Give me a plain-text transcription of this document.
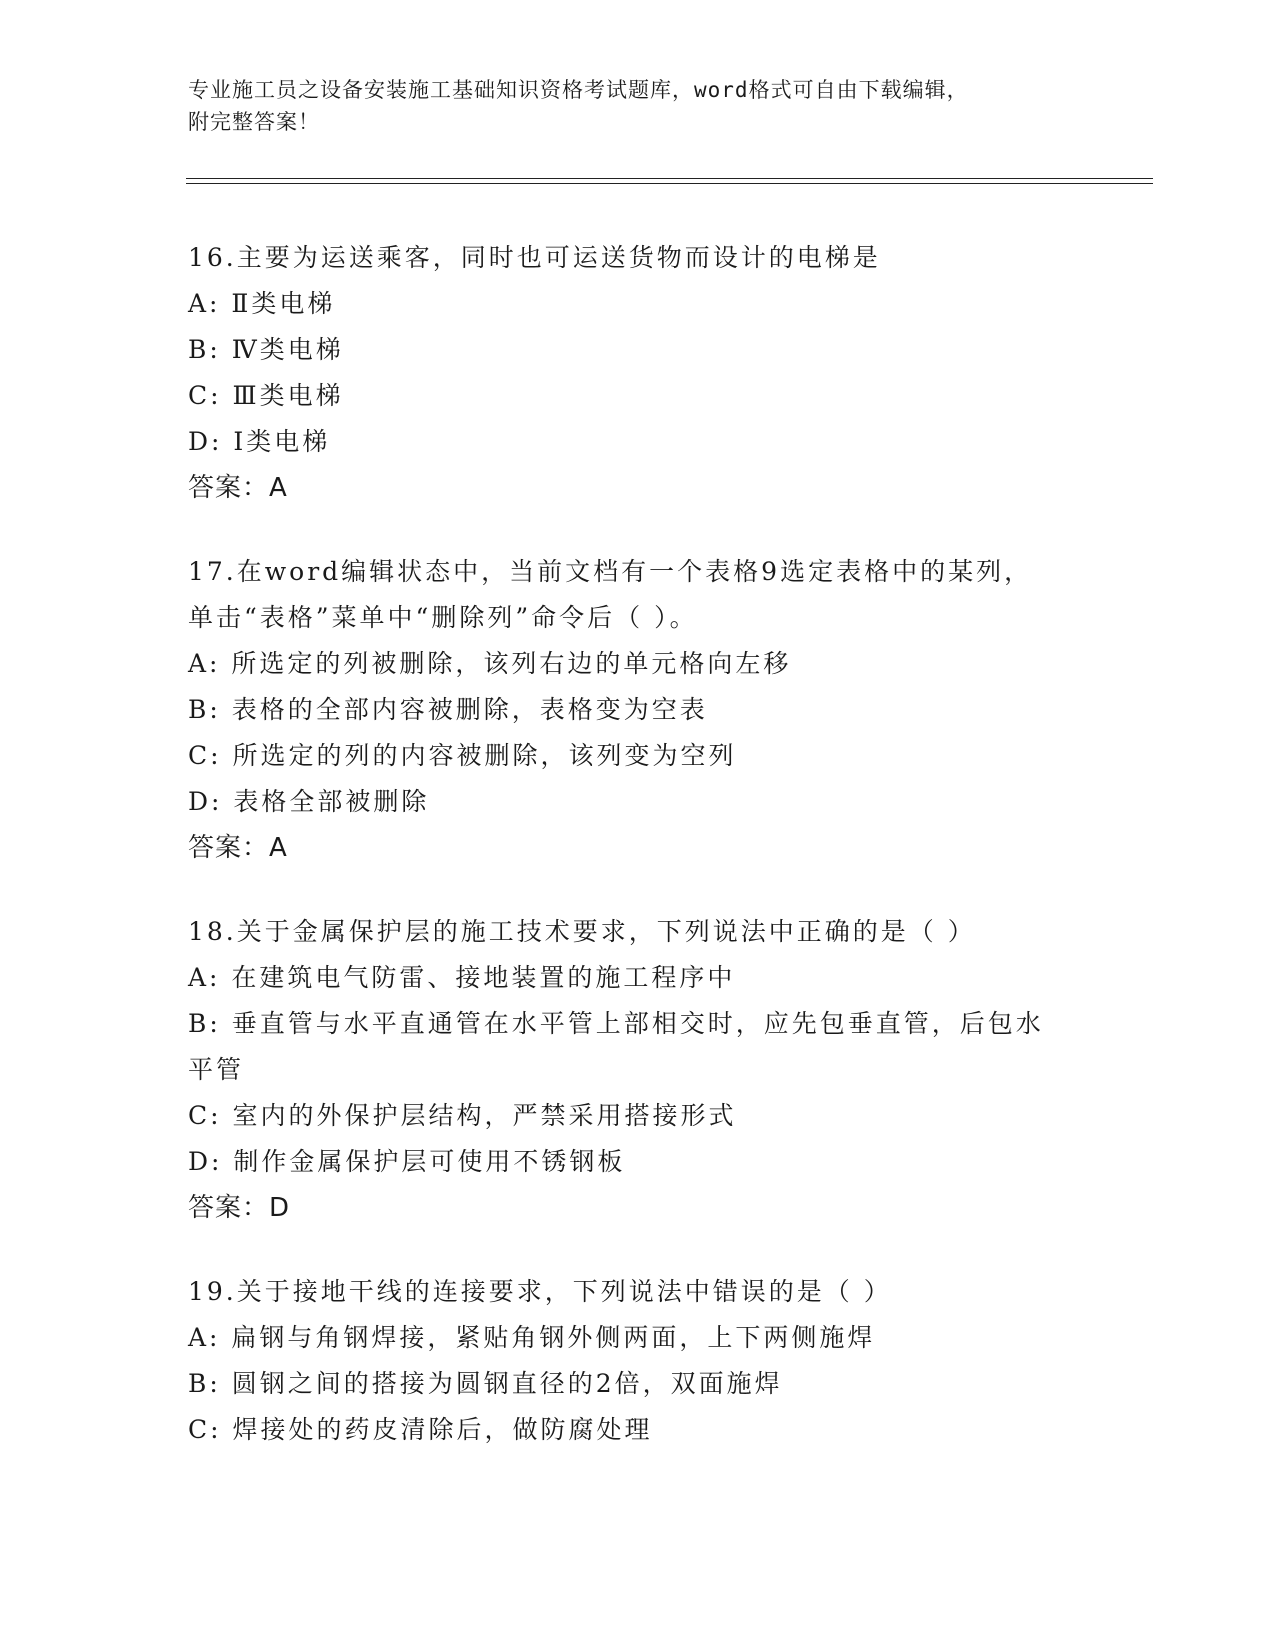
专业施工员之设备安装施工基础知识资格考试题库，word格式可自由下载编辑，
附完整答案！
16.主要为运送乘客，同时也可运送货物而设计的电梯是
A: Ⅱ类电梯
B: Ⅳ类电梯
C: Ⅲ类电梯
D: Ⅰ类电梯
答案：A
17.在word编辑状态中，当前文档有一个表格9选定表格中的某列，
单击“表格”菜单中“删除列”命令后（ ）。
A: 所选定的列被删除，该列右边的单元格向左移
B: 表格的全部内容被删除，表格变为空表
C: 所选定的列的内容被删除，该列变为空列
D: 表格全部被删除
答案：A
18.关于金属保护层的施工技术要求，下列说法中正确的是（ ）
A: 在建筑电气防雷、接地装置的施工程序中
B: 垂直管与水平直通管在水平管上部相交时，应先包垂直管，后包水
平管
C: 室内的外保护层结构，严禁采用搭接形式
D: 制作金属保护层可使用不锈钢板
答案：D
19.关于接地干线的连接要求，下列说法中错误的是（ ）
A: 扁钢与角钢焊接，紧贴角钢外侧两面，上下两侧施焊
B: 圆钢之间的搭接为圆钢直径的2倍，双面施焊
C: 焊接处的药皮清除后，做防腐处理
